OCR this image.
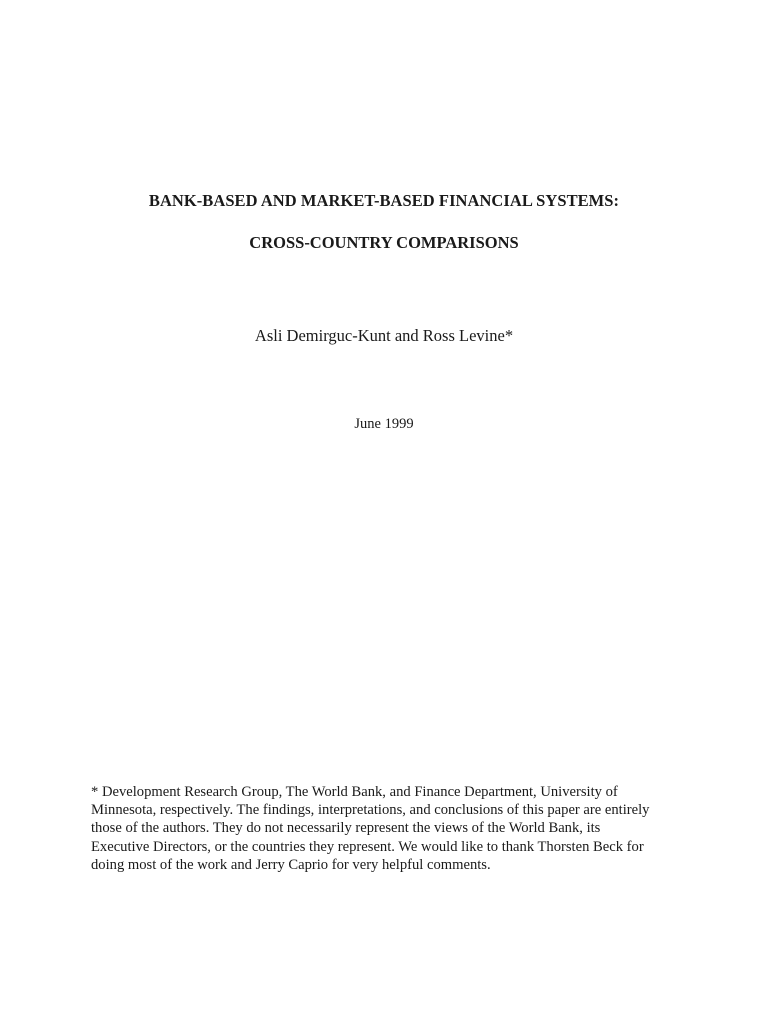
BANK-BASED AND MARKET-BASED FINANCIAL SYSTEMS:
CROSS-COUNTRY COMPARISONS
Asli Demirguc-Kunt and Ross Levine*
June 1999
* Development Research Group, The World Bank, and Finance Department, University of
Minnesota, respectively. The findings, interpretations, and conclusions of this paper are entirely
those of the authors. They do not necessarily represent the views of the World Bank, its
Executive Directors, or the countries they represent. We would like to thank Thorsten Beck for
doing most of the work and Jerry Caprio for very helpful comments.
